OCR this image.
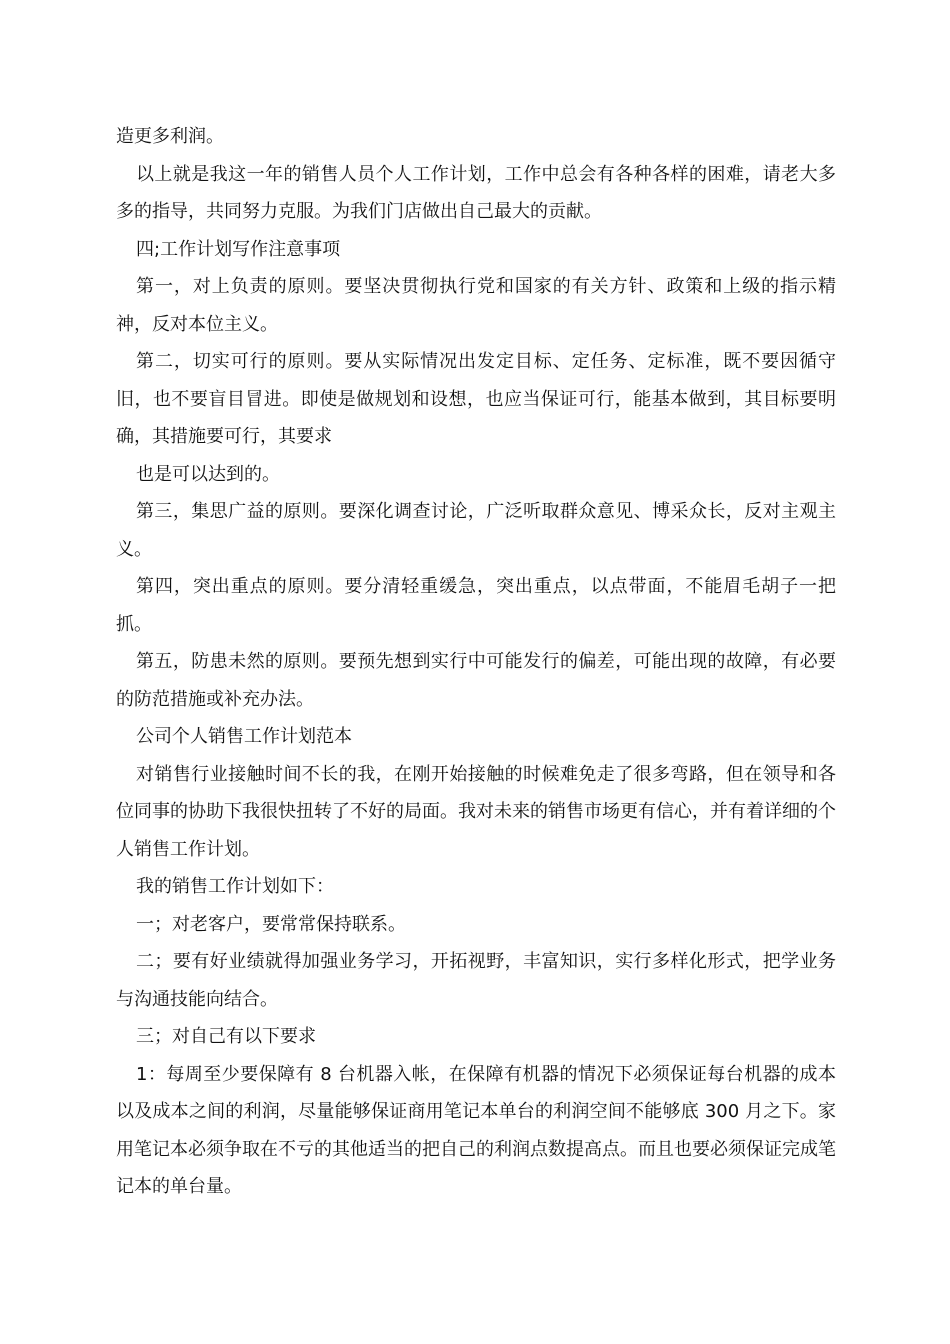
造更多利润。

以上就是我这一年的销售人员个人工作计划，工作中总会有各种各样的困难，请老大多多的指导，共同努力克服。为我们门店做出自己最大的贡献。

四;工作计划写作注意事项

第一，对上负责的原则。要坚决贯彻执行党和国家的有关方针、政策和上级的指示精神，反对本位主义。

第二，切实可行的原则。要从实际情况出发定目标、定任务、定标准，既不要因循守旧，也不要盲目冒进。即使是做规划和设想，也应当保证可行，能基本做到，其目标要明确，其措施要可行，其要求

也是可以达到的。

第三，集思广益的原则。要深化调查讨论，广泛听取群众意见、博采众长，反对主观主义。

第四，突出重点的原则。要分清轻重缓急，突出重点，以点带面，不能眉毛胡子一把抓。

第五，防患未然的原则。要预先想到实行中可能发行的偏差，可能出现的故障，有必要的防范措施或补充办法。

公司个人销售工作计划范本

对销售行业接触时间不长的我，在刚开始接触的时候难免走了很多弯路，但在领导和各位同事的协助下我很快扭转了不好的局面。我对未来的销售市场更有信心，并有着详细的个人销售工作计划。

我的销售工作计划如下：

一；对老客户，要常常保持联系。

二；要有好业绩就得加强业务学习，开拓视野，丰富知识，实行多样化形式，把学业务与沟通技能向结合。

三；对自己有以下要求

1：每周至少要保障有 8 台机器入帐，在保障有机器的情况下必须保证每台机器的成本以及成本之间的利润，尽量能够保证商用笔记本单台的利润空间不能够底 300 月之下。家用笔记本必须争取在不亏的其他适当的把自己的利润点数提高点。而且也要必须保证完成笔记本的单台量。
